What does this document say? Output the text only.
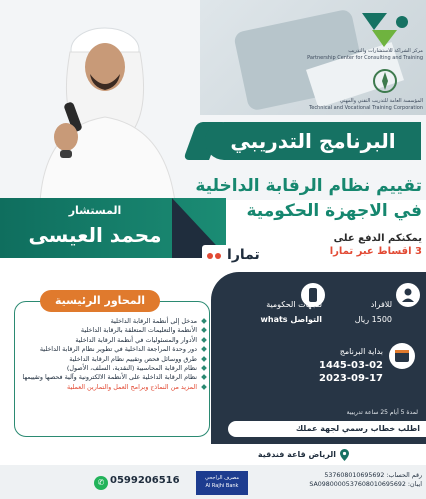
مركز الشراكة للاستشارات والتدريب
Partnership Center for Consulting and Training
المؤسسة العامة للتدريب التقني والمهني
Technical and Vocational Training Corporation
البرنامج التدريبي
تقييم نظام الرقابة الداخلية
في الاجهزة الحكومية
المستشار
محمد العيسى	يمكنكم الدفع على
3 اقساط عبر تمارا
تمارا
للافراد
1500 ريال
للجهات الحكومية
التواصل whats
بداية البرنامج
1445-03-02
2023-09-17
لمدة 5 أيام 25 ساعة تدريبية
اطلب خطاب رسمي لجهة عملك
المحاور الرئيسية
مدخل إلى أنظمة الرقابة الداخلية
الأنظمة والتعليمات المتعلقة بالرقابة الداخلية
الأدوار والمسئوليات في أنظمة الرقابة الداخلية
دور وحدة المراجعة الداخلية في تطوير نظام الرقابة الداخلية
طرق ووسائل فحص وتقييم نظام الرقابة الداخلية
نظام الرقابة المحاسبية (النقدية، السلف، الأصول)
نظام الرقابة الداخلية على الأنظمة الالكترونية وآلية فحصها وتقييمها
المزيد من النماذج وبرامج العمل والتمارين العملية
الرياض قاعة فندقية
✆ 0599206516	مصرف الراجحي
Al Rajhi Bank
رقم الحساب: 537608010695692
ايبان: SA0980000537608010695692
